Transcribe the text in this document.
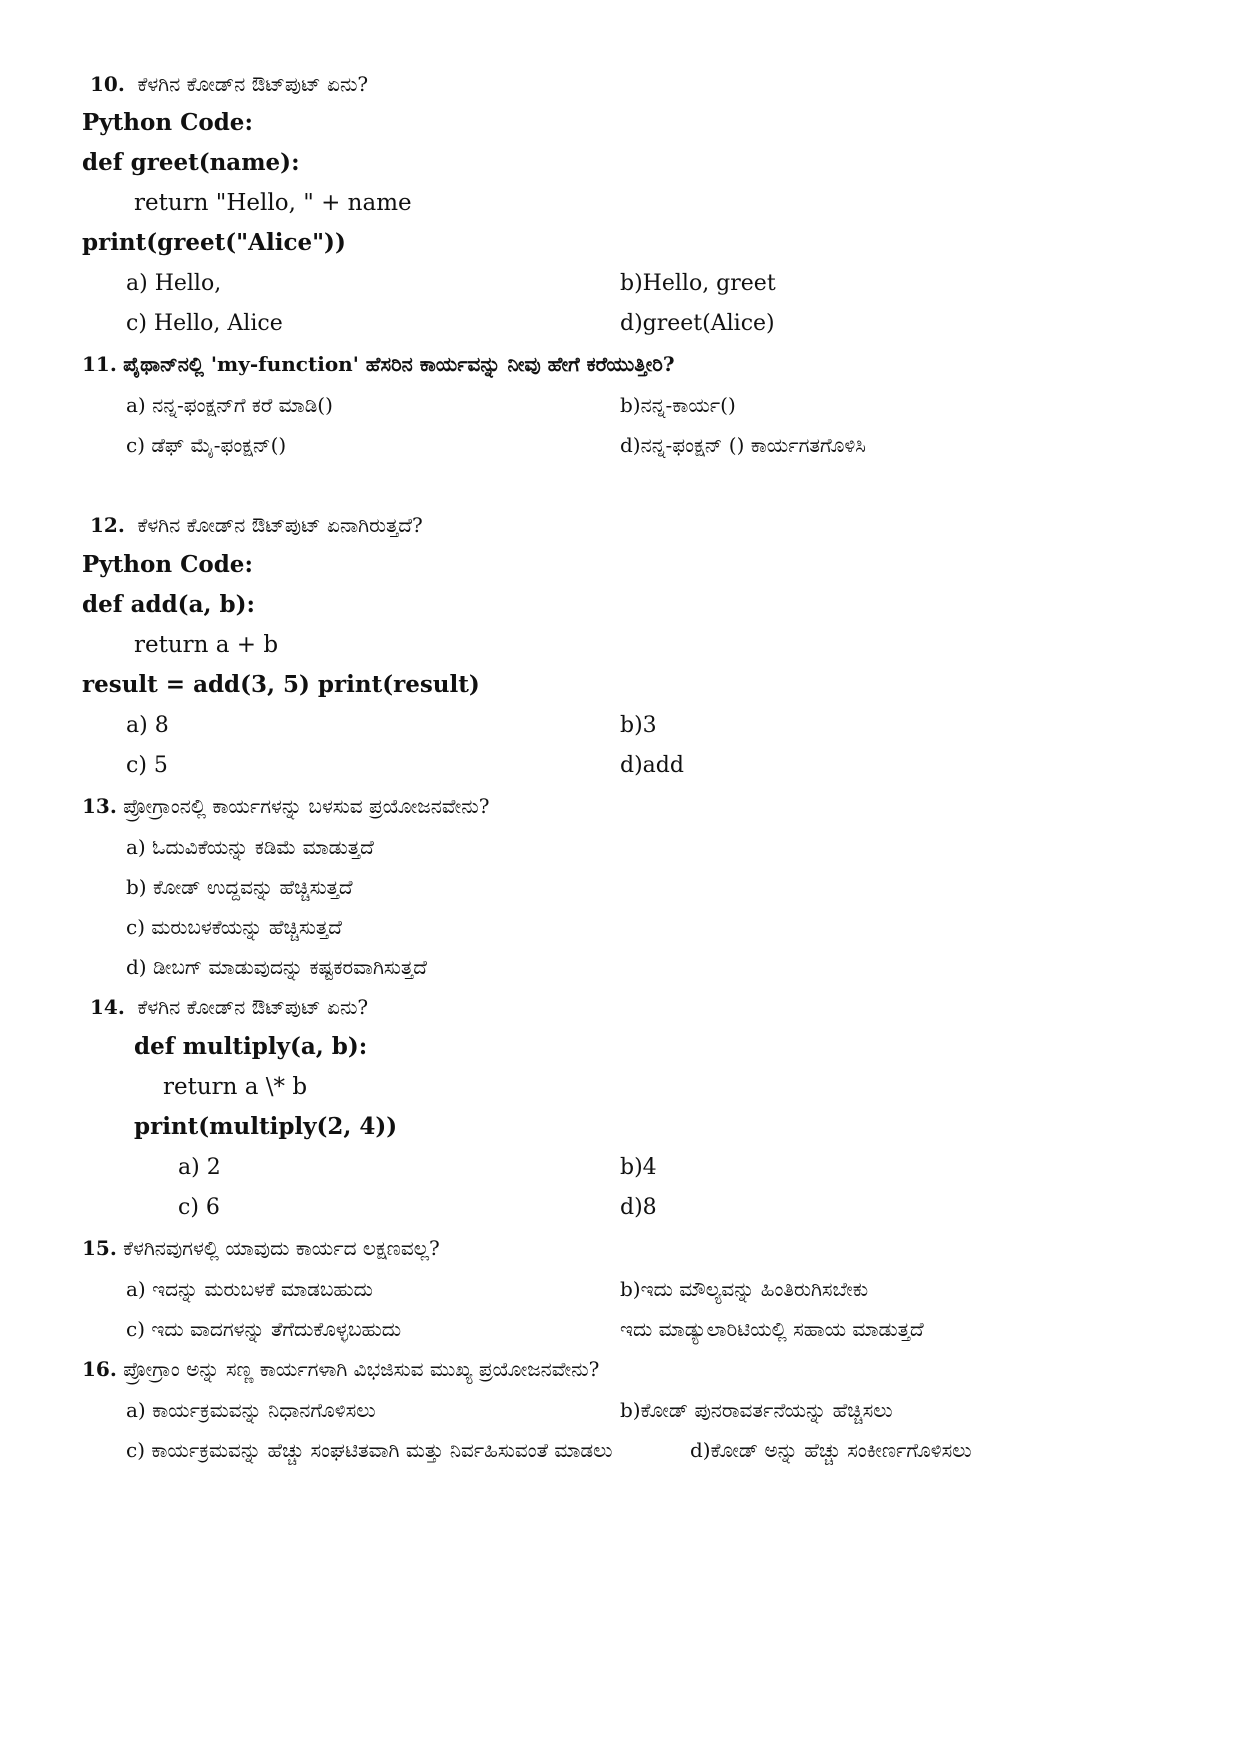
10. ಕೆಳಗಿನ ಕೋಡ್‌ನ ಔಟ್‌ಪುಟ್ ಏನು?
Python Code:
def greet(name):
return "Hello, " + name
print(greet("Alice"))
a) Hello,	b)Hello, greet
c) Hello, Alice	d)greet(Alice)
11. ಪೈಥಾನ್‌ನಲ್ಲಿ 'my-function' ಹೆಸರಿನ ಕಾರ್ಯವನ್ನು ನೀವು ಹೇಗೆ ಕರೆಯುತ್ತೀರಿ?
a) ನನ್ನ-ಫಂಕ್ಷನ್‌ಗೆ ಕರೆ ಮಾಡಿ()	b)ನನ್ನ-ಕಾರ್ಯ()
c) ಡೆಫ್ ಮೈ-ಫಂಕ್ಷನ್()	d)ನನ್ನ-ಫಂಕ್ಷನ್ () ಕಾರ್ಯಗತಗೊಳಿಸಿ
12. ಕೆಳಗಿನ ಕೋಡ್‌ನ ಔಟ್‌ಪುಟ್ ಏನಾಗಿರುತ್ತದೆ?
Python Code:
def add(a, b):
return a + b
result = add(3, 5) print(result)
a) 8	b)3
c) 5	d)add
13. ಪ್ರೋಗ್ರಾಂನಲ್ಲಿ ಕಾರ್ಯಗಳನ್ನು ಬಳಸುವ ಪ್ರಯೋಜನವೇನು?
a) ಓದುವಿಕೆಯನ್ನು ಕಡಿಮೆ ಮಾಡುತ್ತದೆ
b) ಕೋಡ್ ಉದ್ದವನ್ನು ಹೆಚ್ಚಿಸುತ್ತದೆ
c) ಮರುಬಳಕೆಯನ್ನು ಹೆಚ್ಚಿಸುತ್ತದೆ
d) ಡೀಬಗ್ ಮಾಡುವುದನ್ನು ಕಷ್ಟಕರವಾಗಿಸುತ್ತದೆ
14. ಕೆಳಗಿನ ಕೋಡ್‌ನ ಔಟ್‌ಪುಟ್ ಏನು?
def multiply(a, b):
return a \* b
print(multiply(2, 4))
a) 2	b)4
c) 6	d)8
15. ಕೆಳಗಿನವುಗಳಲ್ಲಿ ಯಾವುದು ಕಾರ್ಯದ ಲಕ್ಷಣವಲ್ಲ?
a) ಇದನ್ನು ಮರುಬಳಕೆ ಮಾಡಬಹುದು	b)ಇದು ಮೌಲ್ಯವನ್ನು ಹಿಂತಿರುಗಿಸಬೇಕು
c) ಇದು ವಾದಗಳನ್ನು ತೆಗೆದುಕೊಳ್ಳಬಹುದು	ಇದು ಮಾಡ್ಯುಲಾರಿಟಿಯಲ್ಲಿ ಸಹಾಯ ಮಾಡುತ್ತದೆ
16. ಪ್ರೋಗ್ರಾಂ ಅನ್ನು ಸಣ್ಣ ಕಾರ್ಯಗಳಾಗಿ ವಿಭಜಿಸುವ ಮುಖ್ಯ ಪ್ರಯೋಜನವೇನು?
a) ಕಾರ್ಯಕ್ರಮವನ್ನು ನಿಧಾನಗೊಳಿಸಲು	b)ಕೋಡ್ ಪುನರಾವರ್ತನೆಯನ್ನು ಹೆಚ್ಚಿಸಲು
c) ಕಾರ್ಯಕ್ರಮವನ್ನು ಹೆಚ್ಚು ಸಂಘಟಿತವಾಗಿ ಮತ್ತು ನಿರ್ವಹಿಸುವಂತೆ ಮಾಡಲು	d)ಕೋಡ್ ಅನ್ನು ಹೆಚ್ಚು ಸಂಕೀರ್ಣಗೊಳಿಸಲು
